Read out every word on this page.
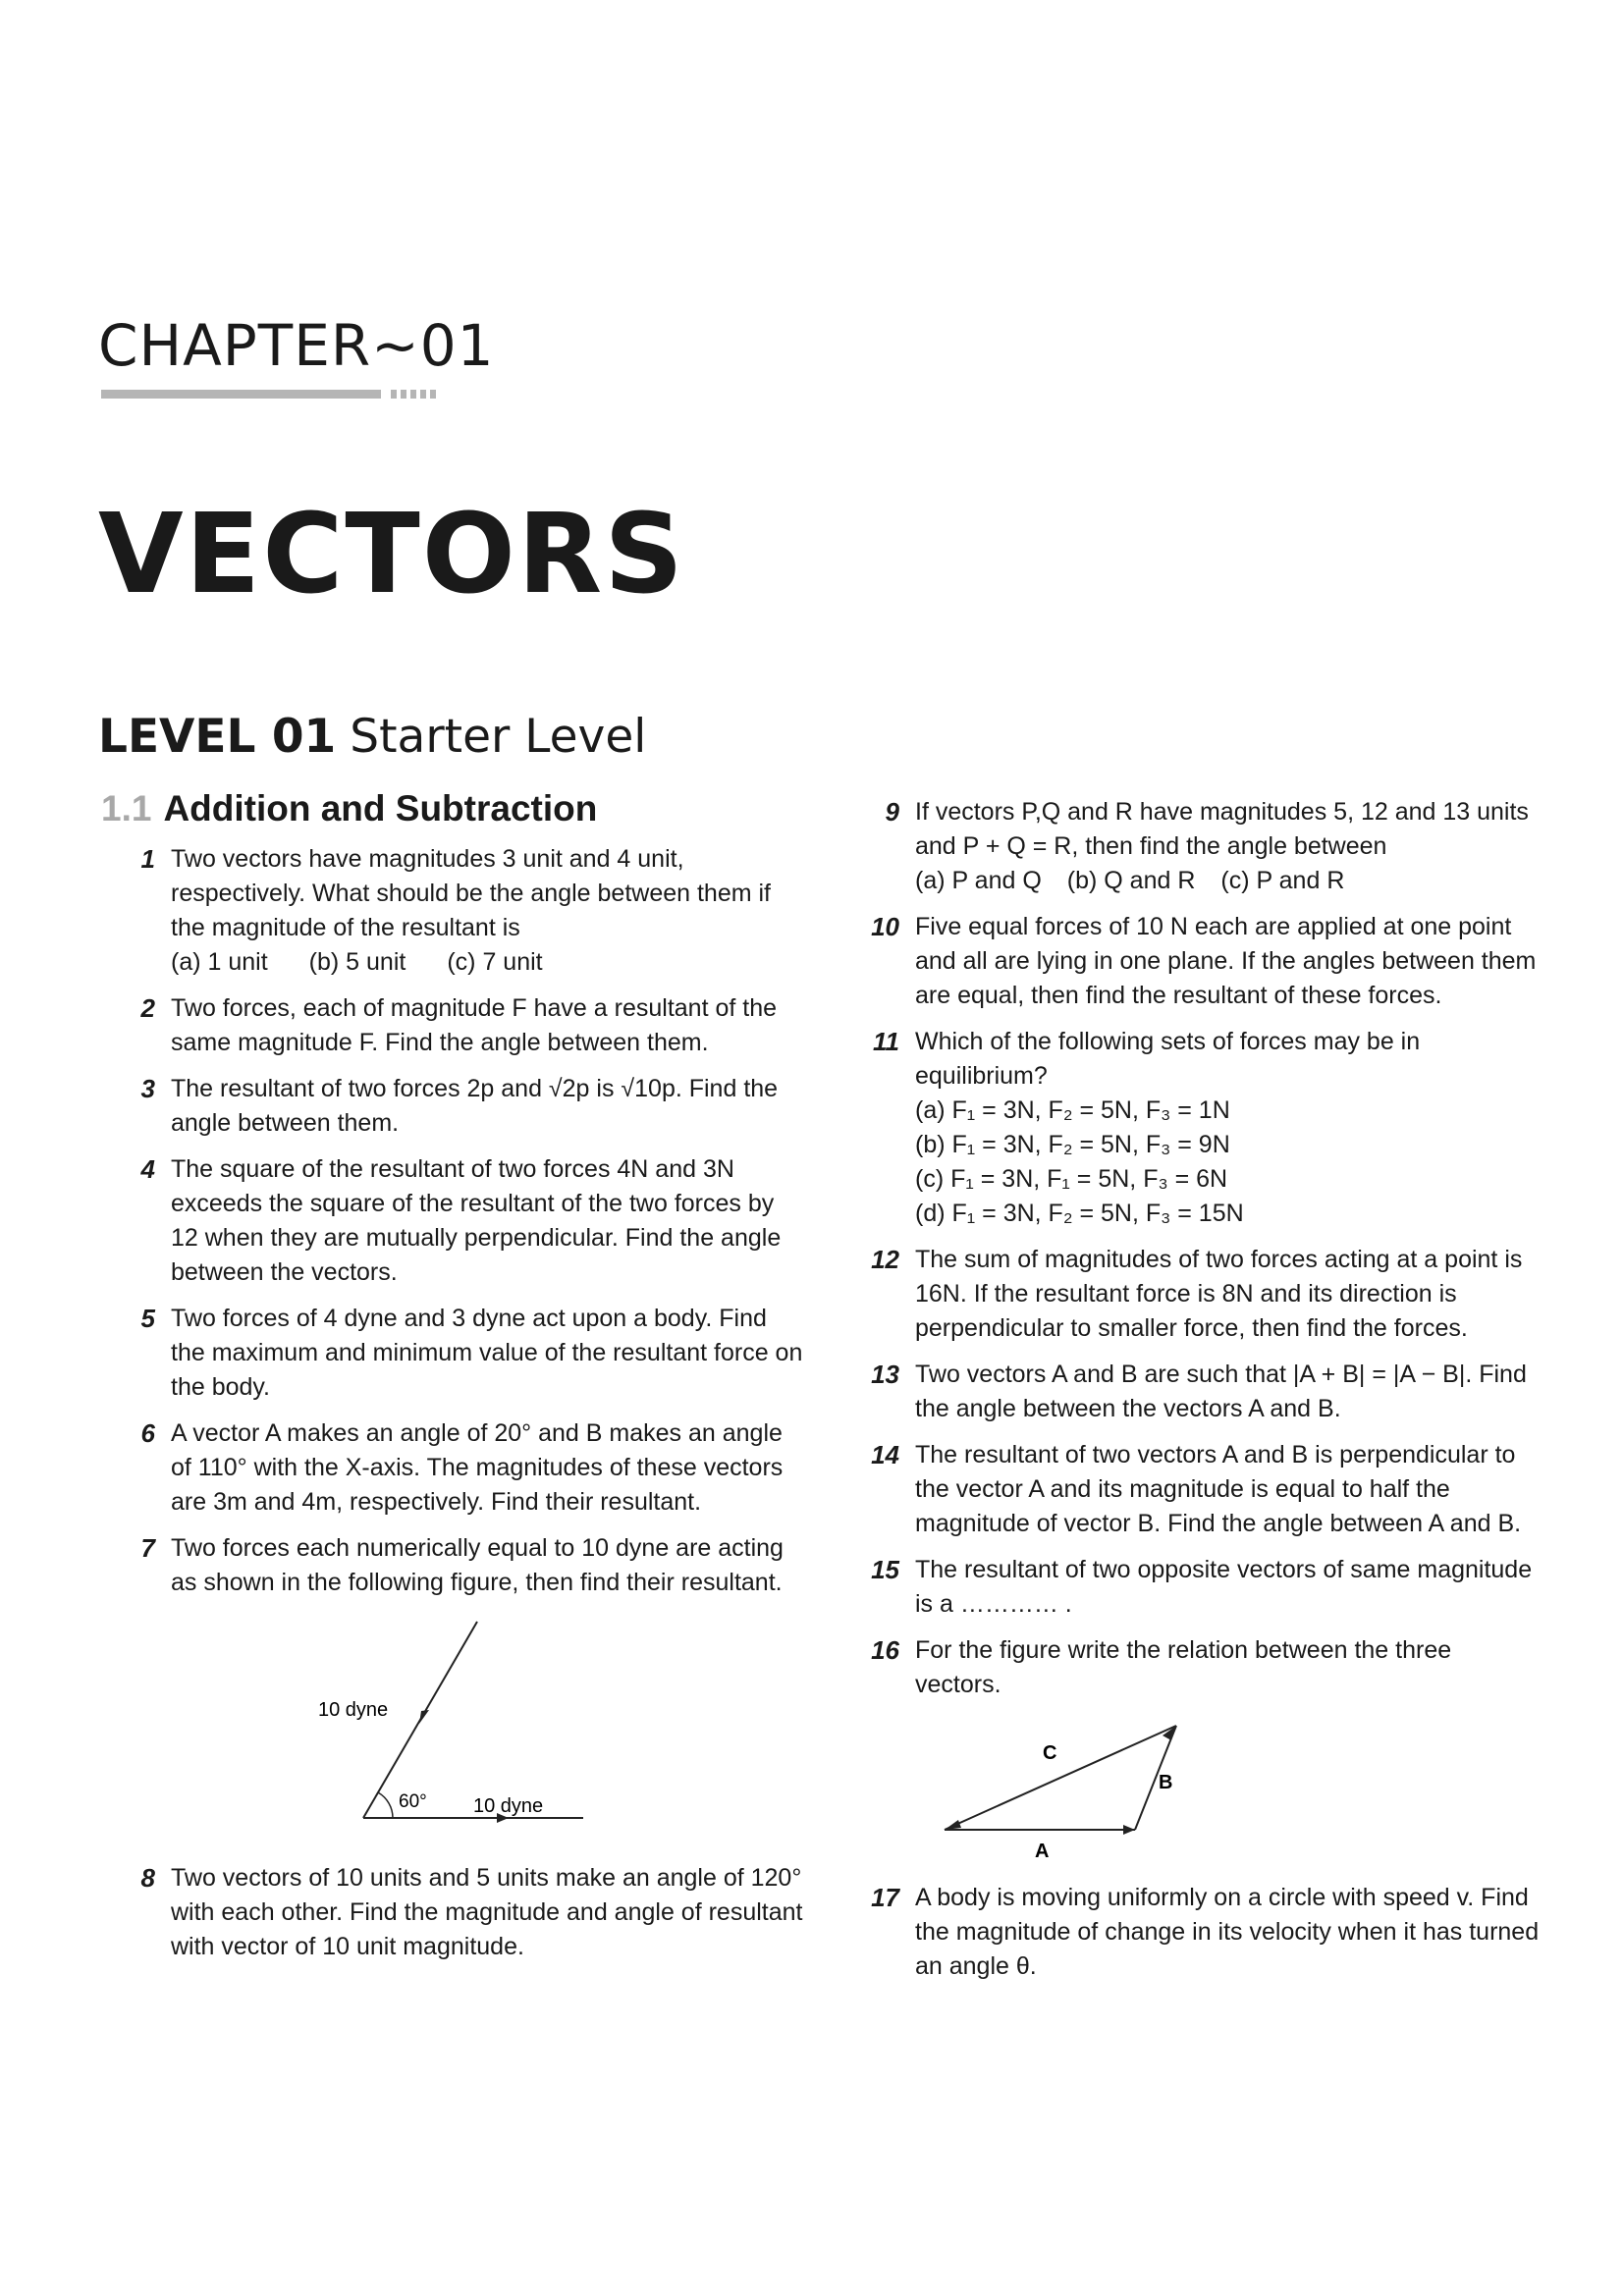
CHAPTER~01
VECTORS
LEVEL 01 Starter Level
1.1 Addition and Subtraction
1 Two vectors have magnitudes 3 unit and 4 unit, respectively. What should be the angle between them if the magnitude of the resultant is
(a) 1 unit (b) 5 unit (c) 7 unit
2 Two forces, each of magnitude F have a resultant of the same magnitude F. Find the angle between them.
3 The resultant of two forces 2p and √2p is √10p. Find the angle between them.
4 The square of the resultant of two forces 4N and 3N exceeds the square of the resultant of the two forces by 12 when they are mutually perpendicular. Find the angle between the vectors.
5 Two forces of 4 dyne and 3 dyne act upon a body. Find the maximum and minimum value of the resultant force on the body.
6 A vector A makes an angle of 20° and B makes an angle of 110° with the X-axis. The magnitudes of these vectors are 3m and 4m, respectively. Find their resultant.
7 Two forces each numerically equal to 10 dyne are acting as shown in the following figure, then find their resultant.
60°
10 dyne
10 dyne
8 Two vectors of 10 units and 5 units make an angle of 120° with each other. Find the magnitude and angle of resultant with vector of 10 unit magnitude.
9 If vectors P,Q and R have magnitudes 5, 12 and 13 units and P + Q = R, then find the angle between
(a) P and Q (b) Q and R (c) P and R
10 Five equal forces of 10 N each are applied at one point and all are lying in one plane. If the angles between them are equal, then find the resultant of these forces.
11 Which of the following sets of forces may be in equilibrium?
(a) F₁ = 3N, F₂ = 5N, F₃ = 1N
(b) F₁ = 3N, F₂ = 5N, F₃ = 9N
(c) F₁ = 3N, F₁ = 5N, F₃ = 6N
(d) F₁ = 3N, F₂ = 5N, F₃ = 15N
12 The sum of magnitudes of two forces acting at a point is 16N. If the resultant force is 8N and its direction is perpendicular to smaller force, then find the forces.
13 Two vectors A and B are such that |A + B| = |A − B|. Find the angle between the vectors A and B.
14 The resultant of two vectors A and B is perpendicular to the vector A and its magnitude is equal to half the magnitude of vector B. Find the angle between A and B.
15 The resultant of two opposite vectors of same magnitude is a ………… .
16 For the figure write the relation between the three vectors.
A
B
C
17 A body is moving uniformly on a circle with speed v. Find the magnitude of change in its velocity when it has turned an angle θ.
